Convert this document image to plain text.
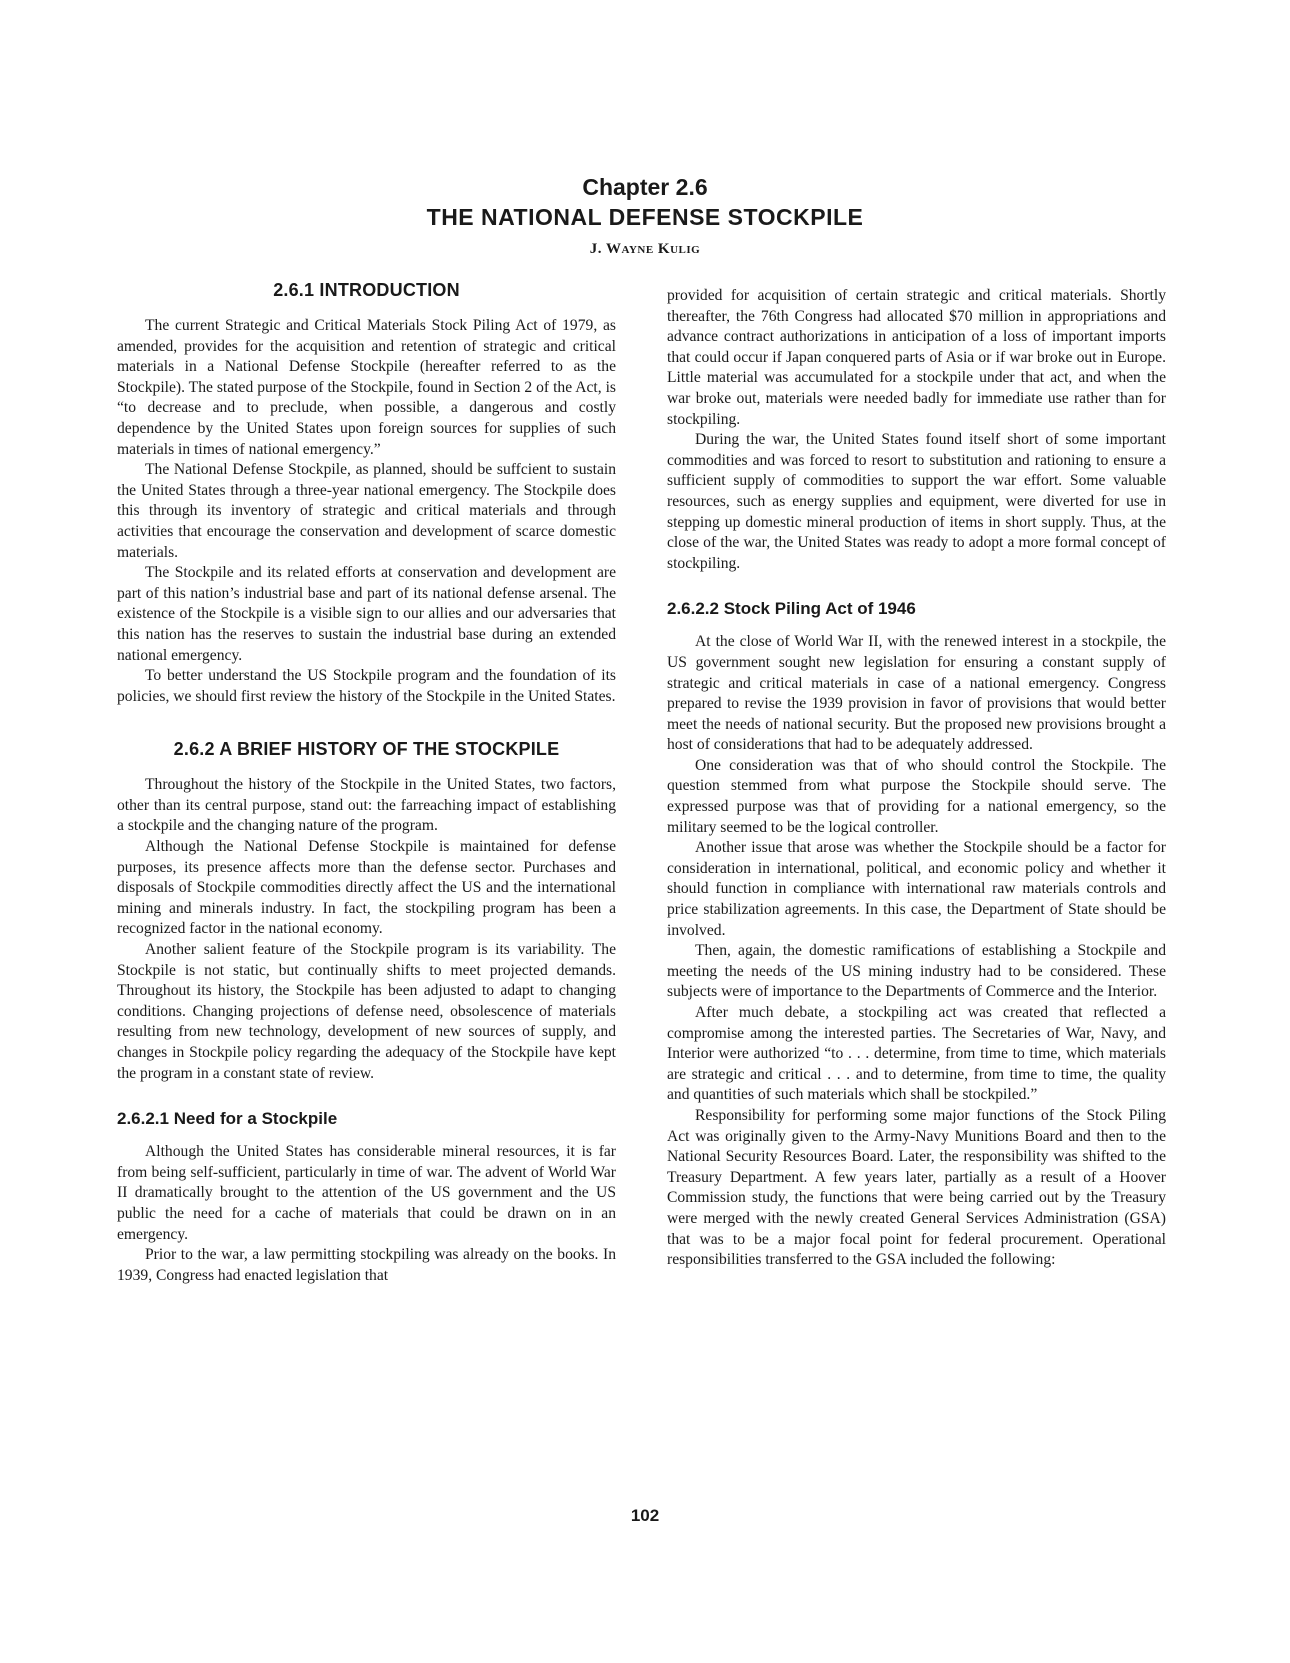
Chapter 2.6
THE NATIONAL DEFENSE STOCKPILE
J. Wayne Kulig
2.6.1 INTRODUCTION

The current Strategic and Critical Materials Stock Piling Act of 1979, as amended, provides for the acquisition and retention of strategic and critical materials in a National Defense Stockpile (hereafter referred to as the Stockpile). The stated purpose of the Stockpile, found in Section 2 of the Act, is “to decrease and to preclude, when possible, a dangerous and costly dependence by the United States upon foreign sources for supplies of such materials in times of national emergency.”

The National Defense Stockpile, as planned, should be suffcient to sustain the United States through a three-year national emergency. The Stockpile does this through its inventory of strategic and critical materials and through activities that encourage the conservation and development of scarce domestic materials.

The Stockpile and its related efforts at conservation and development are part of this nation’s industrial base and part of its national defense arsenal. The existence of the Stockpile is a visible sign to our allies and our adversaries that this nation has the reserves to sustain the industrial base during an extended national emergency.

To better understand the US Stockpile program and the foundation of its policies, we should first review the history of the Stockpile in the United States.

2.6.2 A BRIEF HISTORY OF THE STOCKPILE

Throughout the history of the Stockpile in the United States, two factors, other than its central purpose, stand out: the farreaching impact of establishing a stockpile and the changing nature of the program.

Although the National Defense Stockpile is maintained for defense purposes, its presence affects more than the defense sector. Purchases and disposals of Stockpile commodities directly affect the US and the international mining and minerals industry. In fact, the stockpiling program has been a recognized factor in the national economy.

Another salient feature of the Stockpile program is its variability. The Stockpile is not static, but continually shifts to meet projected demands. Throughout its history, the Stockpile has been adjusted to adapt to changing conditions. Changing projections of defense need, obsolescence of materials resulting from new technology, development of new sources of supply, and changes in Stockpile policy regarding the adequacy of the Stockpile have kept the program in a constant state of review.

2.6.2.1 Need for a Stockpile

Although the United States has considerable mineral resources, it is far from being self-sufficient, particularly in time of war. The advent of World War II dramatically brought to the attention of the US government and the US public the need for a cache of materials that could be drawn on in an emergency.

Prior to the war, a law permitting stockpiling was already on the books. In 1939, Congress had enacted legislation that

provided for acquisition of certain strategic and critical materials. Shortly thereafter, the 76th Congress had allocated $70 million in appropriations and advance contract authorizations in anticipation of a loss of important imports that could occur if Japan conquered parts of Asia or if war broke out in Europe. Little material was accumulated for a stockpile under that act, and when the war broke out, materials were needed badly for immediate use rather than for stockpiling.

During the war, the United States found itself short of some important commodities and was forced to resort to substitution and rationing to ensure a sufficient supply of commodities to support the war effort. Some valuable resources, such as energy supplies and equipment, were diverted for use in stepping up domestic mineral production of items in short supply. Thus, at the close of the war, the United States was ready to adopt a more formal concept of stockpiling.

2.6.2.2 Stock Piling Act of 1946

At the close of World War II, with the renewed interest in a stockpile, the US government sought new legislation for ensuring a constant supply of strategic and critical materials in case of a national emergency. Congress prepared to revise the 1939 provision in favor of provisions that would better meet the needs of national security. But the proposed new provisions brought a host of considerations that had to be adequately addressed.

One consideration was that of who should control the Stockpile. The question stemmed from what purpose the Stockpile should serve. The expressed purpose was that of providing for a national emergency, so the military seemed to be the logical controller.

Another issue that arose was whether the Stockpile should be a factor for consideration in international, political, and economic policy and whether it should function in compliance with international raw materials controls and price stabilization agreements. In this case, the Department of State should be involved.

Then, again, the domestic ramifications of establishing a Stockpile and meeting the needs of the US mining industry had to be considered. These subjects were of importance to the Departments of Commerce and the Interior.

After much debate, a stockpiling act was created that reflected a compromise among the interested parties. The Secretaries of War, Navy, and Interior were authorized “to . . . determine, from time to time, which materials are strategic and critical . . . and to determine, from time to time, the quality and quantities of such materials which shall be stockpiled.”

Responsibility for performing some major functions of the Stock Piling Act was originally given to the Army-Navy Munitions Board and then to the National Security Resources Board. Later, the responsibility was shifted to the Treasury Department. A few years later, partially as a result of a Hoover Commission study, the functions that were being carried out by the Treasury were merged with the newly created General Services Administration (GSA) that was to be a major focal point for federal procurement. Operational responsibilities transferred to the GSA included the following:

102
